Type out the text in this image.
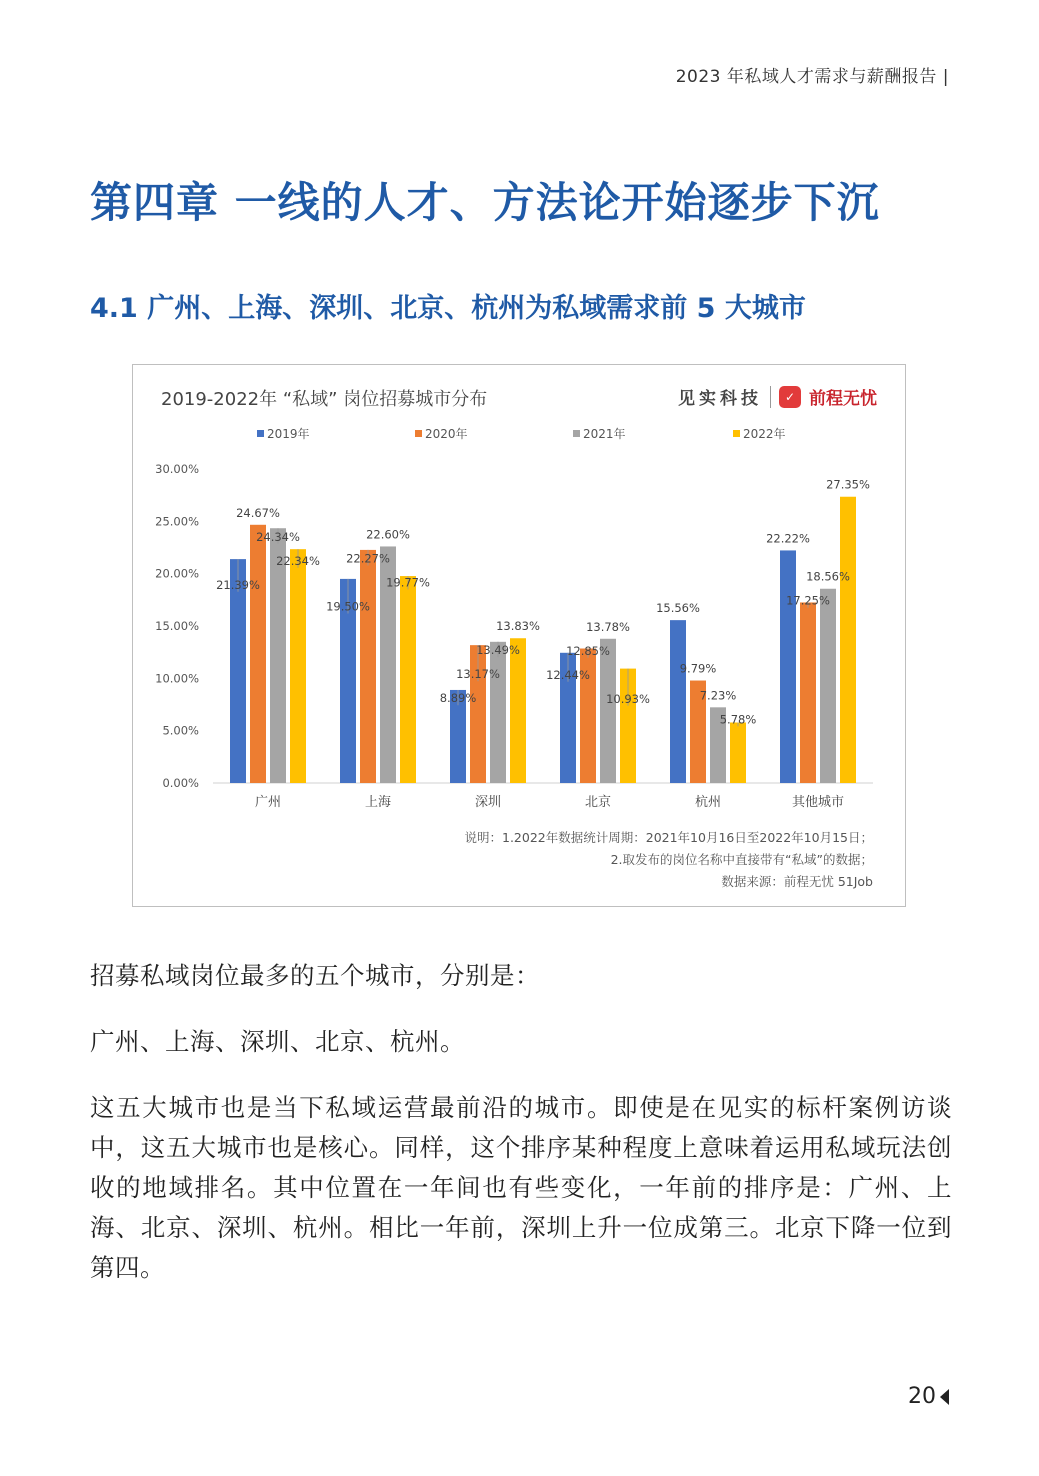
2023 年私域人才需求与薪酬报告 |
第四章 一线的人才、方法论开始逐步下沉
4.1 广州、上海、深圳、北京、杭州为私域需求前 5 大城市
2019年	2020年	2021年	2022年
0.00%
5.00%
10.00%
15.00%
20.00%
25.00%
30.00%
广州
24.67%
24.34%
22.34%
21.39%
上海
22.60%
22.27%
19.77%
19.50%
深圳
13.83%
13.49%
13.17%
8.89%
北京
13.78%
12.85%
12.44%
10.93%
杭州
15.56%
9.79%
7.23%
5.78%
其他城市
27.35%
22.22%
18.56%
17.25%
2019-2022年 “私域” 岗位招募城市分布	见实科技	✓ 前程无忧
说明：1.2022年数据统计周期：2021年10月16日至2022年10月15日；
2.取发布的岗位名称中直接带有“私域”的数据；
数据来源：前程无忧 51Job
招募私域岗位最多的五个城市，分别是：
广州、上海、深圳、北京、杭州。
这五大城市也是当下私域运营最前沿的城市。即使是在见实的标杆案例访谈中，这五大城市也是核心。同样，这个排序某种程度上意味着运用私域玩法创收的地域排名。其中位置在一年间也有些变化，一年前的排序是：广州、上海、北京、深圳、杭州。相比一年前，深圳上升一位成第三。北京下降一位到第四。
20
